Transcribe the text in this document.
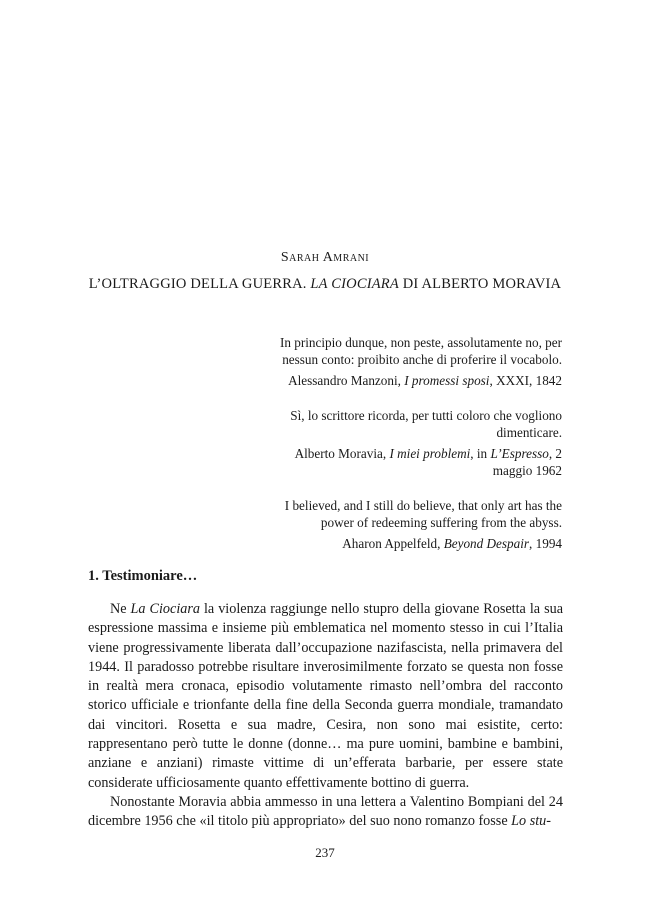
Sarah Amrani
L’OLTRAGGIO DELLA GUERRA. LA CIOCIARA DI ALBERTO MORAVIA

In principio dunque, non peste, assolutamente no, per nessun conto: proibito anche di proferire il vocabolo.

Alessandro Manzoni, I promessi sposi, XXXI, 1842

Sì, lo scrittore ricorda, per tutti coloro che vogliono dimenticare.

Alberto Moravia, I miei problemi, in L’Espresso, 2 maggio 1962

I believed, and I still do believe, that only art has the power of redeeming suffering from the abyss.

Aharon Appelfeld, Beyond Despair, 1994

1. Testimoniare…

Ne La Ciociara la violenza raggiunge nello stupro della giovane Rosetta la sua espressione massima e insieme più emblematica nel momento stesso in cui l’Italia viene progressivamente liberata dall’occupazione nazifascista, nella primavera del 1944. Il paradosso potrebbe risultare inverosimilmente forzato se questa non fosse in realtà mera cronaca, episodio volutamente rimasto nell’ombra del racconto storico ufficiale e trionfante della fine della Seconda guerra mondiale, tramandato dai vincitori. Rosetta e sua madre, Cesira, non sono mai esistite, certo: rappresentano però tutte le donne (donne… ma pure uomini, bambine e bambini, anziane e anziani) rimaste vittime di un’efferata barbarie, per essere state considerate ufficiosamente quanto effettivamente bottino di guerra.

Nonostante Moravia abbia ammesso in una lettera a Valentino Bompiani del 24 dicembre 1956 che «il titolo più appropriato» del suo nono romanzo fosse Lo stu-

237
